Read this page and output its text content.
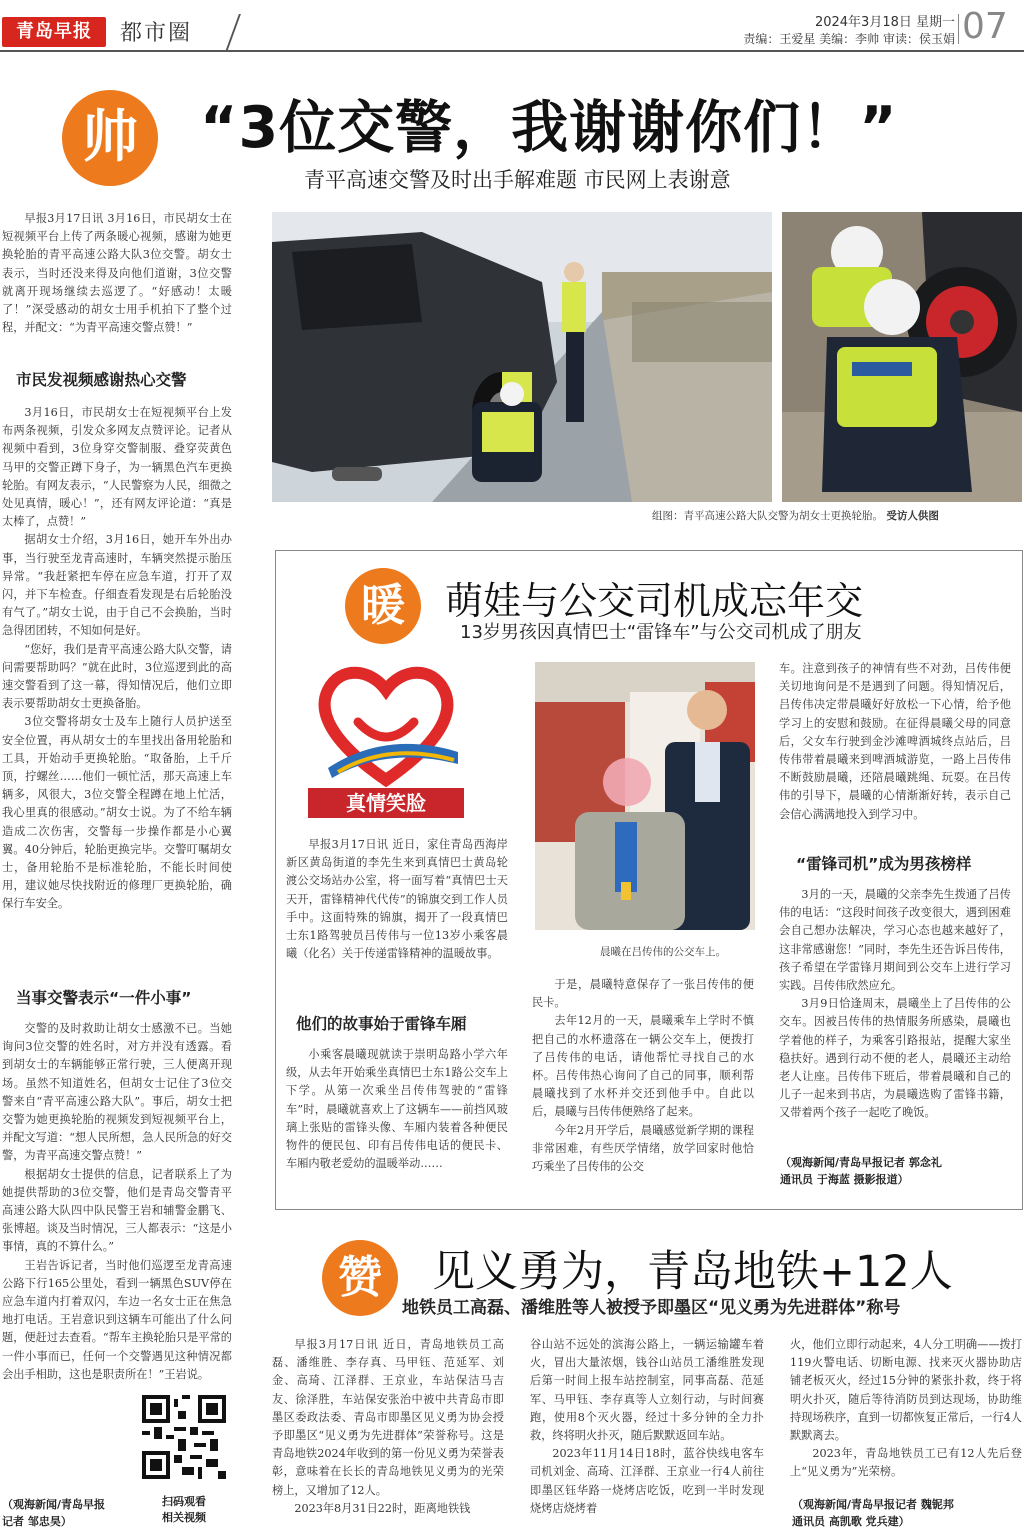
青岛早报	都市圈	2024年3月18日 星期一
责编：王爱星 美编：李帅 审读：侯玉娟 07
帅	“3位交警，我谢谢你们！”
青平高速交警及时出手解难题 市民网上表谢意
组图：青平高速公路大队交警为胡女士更换轮胎。 受访人供图

早报3月17日讯 3月16日，市民胡女士在短视频平台上传了两条暖心视频，感谢为她更换轮胎的青平高速公路大队3位交警。胡女士表示，当时还没来得及向他们道谢，3位交警就离开现场继续去巡逻了。“好感动！太暖了！”深受感动的胡女士用手机拍下了整个过程，并配文：“为青平高速交警点赞！”

市民发视频感谢热心交警

3月16日，市民胡女士在短视频平台上发布两条视频，引发众多网友点赞评论。记者从视频中看到，3位身穿交警制服、叠穿荧黄色马甲的交警正蹲下身子，为一辆黑色汽车更换轮胎。有网友表示，“人民警察为人民，细微之处见真情，暖心！”，还有网友评论道：“真是太棒了，点赞！”

据胡女士介绍，3月16日，她开车外出办事，当行驶至龙青高速时，车辆突然提示胎压异常。“我赶紧把车停在应急车道，打开了双闪，并下车检查。仔细查看发现是右后轮胎没有气了。”胡女士说，由于自己不会换胎，当时急得团团转，不知如何是好。

“您好，我们是青平高速公路大队交警，请问需要帮助吗？”就在此时，3位巡逻到此的高速交警看到了这一幕，得知情况后，他们立即表示要帮助胡女士更换备胎。

3位交警将胡女士及车上随行人员护送至安全位置，再从胡女士的车里找出备用轮胎和工具，开始动手更换轮胎。“取备胎，上千斤顶，拧螺丝……他们一顿忙活，那天高速上车辆多，风很大，3位交警全程蹲在地上忙活，我心里真的很感动。”胡女士说。为了不给车辆造成二次伤害，交警每一步操作都是小心翼翼。40分钟后，轮胎更换完毕。交警叮嘱胡女士，备用轮胎不是标准轮胎，不能长时间使用，建议她尽快找附近的修理厂更换轮胎，确保行车安全。

当事交警表示“一件小事”

交警的及时救助让胡女士感激不已。当她询问3位交警的姓名时，对方并没有透露。看到胡女士的车辆能够正常行驶，三人便离开现场。虽然不知道姓名，但胡女士记住了3位交警来自“青平高速公路大队”。事后，胡女士把交警为她更换轮胎的视频发到短视频平台上，并配文写道：“想人民所想，急人民所急的好交警，为青平高速交警点赞！”

根据胡女士提供的信息，记者联系上了为她提供帮助的3位交警，他们是青岛交警青平高速公路大队四中队民警王岩和辅警金鹏飞、张博超。谈及当时情况，三人都表示：“这是小事情，真的不算什么。”

王岩告诉记者，当时他们巡逻至龙青高速公路下行165公里处，看到一辆黑色SUV停在应急车道内打着双闪，车边一名女士正在焦急地打电话。王岩意识到这辆车可能出了什么问题，便赶过去查看。“帮车主换轮胎只是平常的一件小事而已，任何一个交警遇见这种情况都会出手相助，这也是职责所在！”王岩说。

（观海新闻/青岛早报
记者 邹忠昊）
扫码观看
相关视频
暖	萌娃与公交司机成忘年交
13岁男孩因真情巴士“雷锋车”与公交司机成了朋友
真情笑脸

早报3月17日讯 近日，家住青岛西海岸新区黄岛街道的李先生来到真情巴士黄岛轮渡公交场站办公室，将一面写着“真情巴士天天开，雷锋精神代代传”的锦旗交到工作人员手中。这面特殊的锦旗，揭开了一段真情巴士东1路驾驶员吕传伟与一位13岁小乘客晨曦（化名）关于传递雷锋精神的温暖故事。

他们的故事始于雷锋车厢

小乘客晨曦现就读于崇明岛路小学六年级，从去年开始乘坐真情巴士东1路公交车上下学。从第一次乘坐吕传伟驾驶的“雷锋车”时，晨曦就喜欢上了这辆车——前挡风玻璃上张贴的雷锋头像、车厢内装着各种便民物件的便民包、印有吕传伟电话的便民卡、车厢内敬老爱幼的温暖举动……

晨曦在吕传伟的公交车上。

于是，晨曦特意保存了一张吕传伟的便民卡。

去年12月的一天，晨曦乘车上学时不慎把自己的水杯遗落在一辆公交车上，便拨打了吕传伟的电话，请他帮忙寻找自己的水杯。吕传伟热心询问了自己的同事，顺利帮晨曦找到了水杯并交还到他手中。自此以后，晨曦与吕传伟便熟络了起来。

今年2月开学后，晨曦感觉新学期的课程非常困难，有些厌学情绪，放学回家时他恰巧乘坐了吕传伟的公交

车。注意到孩子的神情有些不对劲，吕传伟便关切地询问是不是遇到了问题。得知情况后，吕传伟决定带晨曦好好放松一下心情，给予他学习上的安慰和鼓励。在征得晨曦父母的同意后，父女车行驶到金沙滩啤酒城终点站后，吕传伟带着晨曦来到啤酒城游览，一路上吕传伟不断鼓励晨曦，还陪晨曦跳绳、玩耍。在吕传伟的引导下，晨曦的心情渐渐好转，表示自己会信心满满地投入到学习中。

“雷锋司机”成为男孩榜样

3月的一天，晨曦的父亲李先生拨通了吕传伟的电话：“这段时间孩子改变很大，遇到困难会自己想办法解决，学习心态也越来越好了，这非常感谢您！”同时，李先生还告诉吕传伟，孩子希望在学雷锋月期间到公交车上进行学习实践。吕传伟欣然应允。

3月9日恰逢周末，晨曦坐上了吕传伟的公交车。因被吕传伟的热情服务所感染，晨曦也学着他的样子，为乘客引路报站，提醒大家坐稳扶好。遇到行动不便的老人，晨曦还主动给老人让座。吕传伟下班后，带着晨曦和自己的儿子一起来到书店，为晨曦选购了雷锋书籍，又带着两个孩子一起吃了晚饭。

（观海新闻/青岛早报记者 郭念礼
通讯员 于海蓝 摄影报道）
赞	见义勇为，青岛地铁+12人
地铁员工高磊、潘维胜等人被授予即墨区“见义勇为先进群体”称号

早报3月17日讯 近日，青岛地铁员工高磊、潘维胜、李存真、马甲钰、范延军、刘金、高琦、江泽群、王京业，车站保洁马吉友、徐泽胜，车站保安张治中被中共青岛市即墨区委政法委、青岛市即墨区见义勇为协会授予即墨区“见义勇为先进群体”荣誉称号。这是青岛地铁2024年收到的第一份见义勇为荣誉表彰，意味着在长长的青岛地铁见义勇为的光荣榜上，又增加了12人。

2023年8月31日22时，距离地铁钱

谷山站不远处的滨海公路上，一辆运输罐车着火，冒出大量浓烟，钱谷山站员工潘维胜发现后第一时间上报车站控制室，同事高磊、范延军、马甲钰、李存真等人立刻行动，与时间赛跑，使用8个灭火器，经过十多分钟的全力扑救，终将明火扑灭，随后默默返回车站。

2023年11月14日18时，蓝谷快线电客车司机刘金、高琦、江泽群、王京业一行4人前往即墨区钰华路一烧烤店吃饭，吃到一半时发现烧烤店烧烤着

火，他们立即行动起来，4人分工明确——拨打119火警电话、切断电源、找来灭火器协助店铺老板灭火，经过15分钟的紧张扑救，终于将明火扑灭，随后等待消防员到达现场，协助维持现场秩序，直到一切都恢复正常后，一行4人默默离去。

2023年，青岛地铁员工已有12人先后登上“见义勇为”光荣榜。

（观海新闻/青岛早报记者 魏铌邦
通讯员 高凯歌 党兵建）
